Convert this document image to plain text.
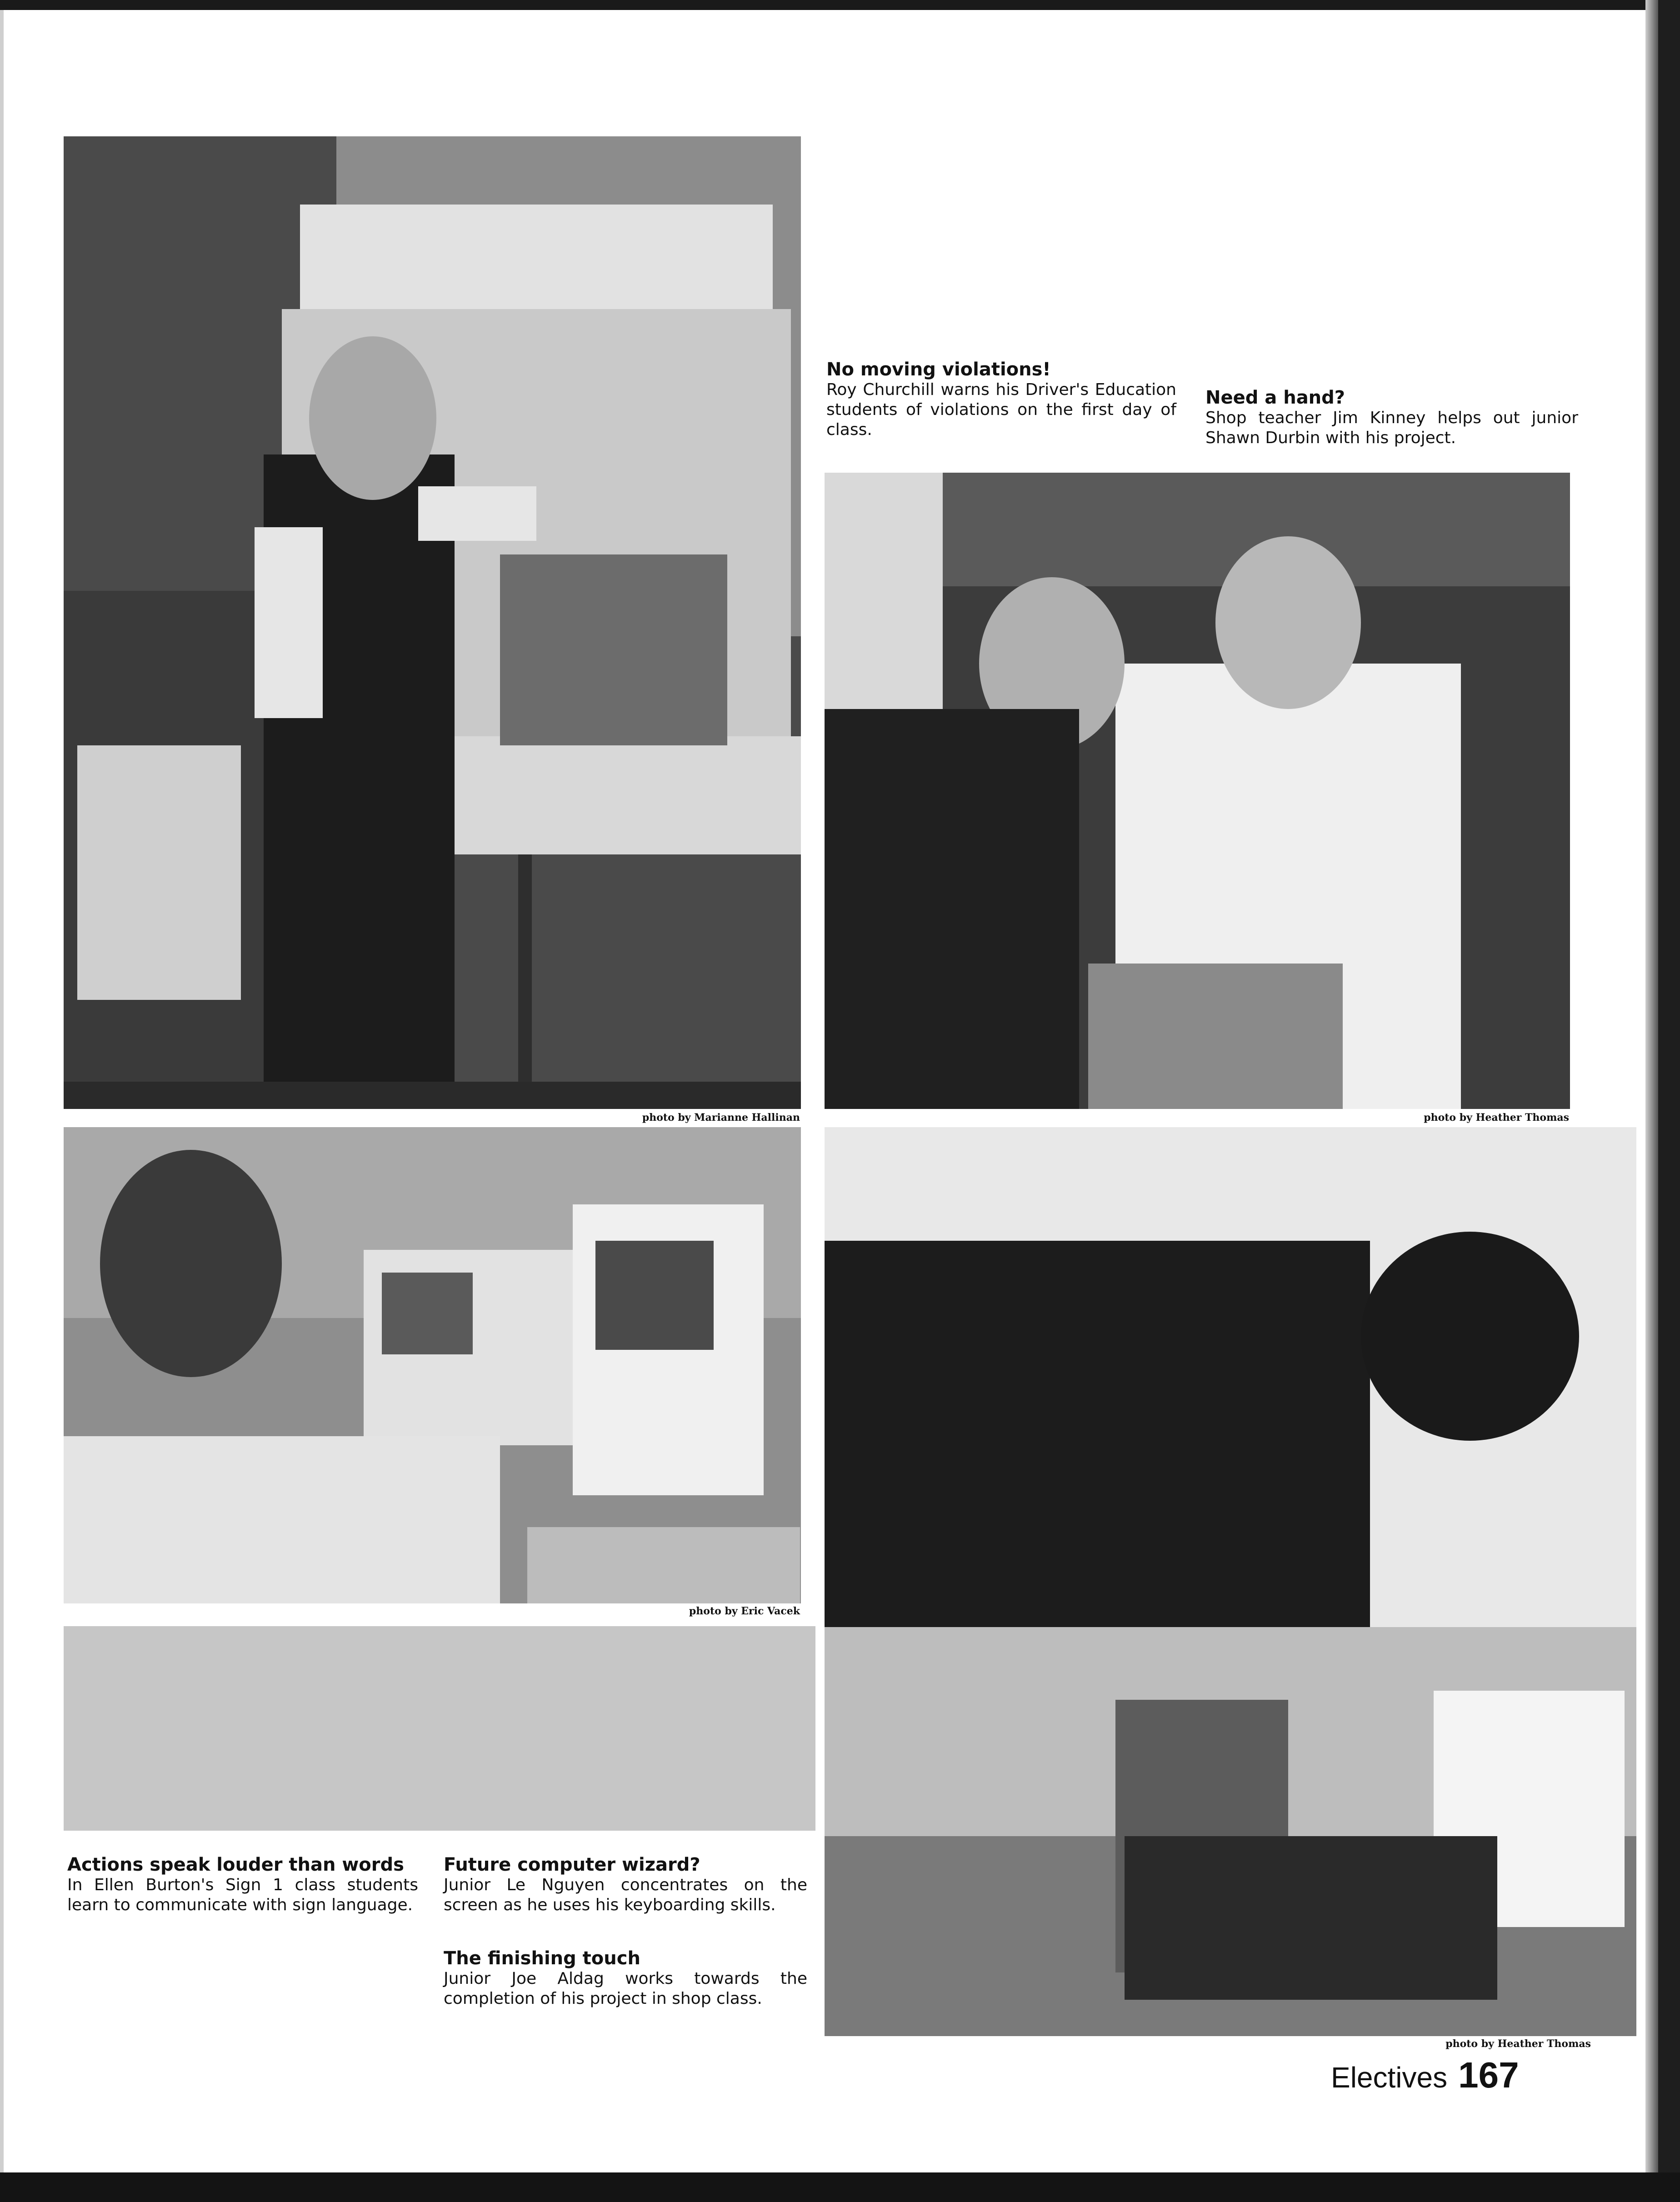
photo by Marianne Hallinan

No moving violations!

Roy Churchill warns his Driver's Education students of violations on the first day of class.

Need a hand?

Shop teacher Jim Kinney helps out junior Shawn Durbin with his project.

photo by Heather Thomas
photo by Eric Vacek

Actions speak louder than words

In Ellen Burton's Sign 1 class students learn to communicate with sign language.

Future computer wizard?

Junior Le Nguyen concentrates on the screen as he uses his keyboarding skills.

The finishing touch

Junior Joe Aldag works towards the completion of his project in shop class.

photo by Heather Thomas
Electives 167
